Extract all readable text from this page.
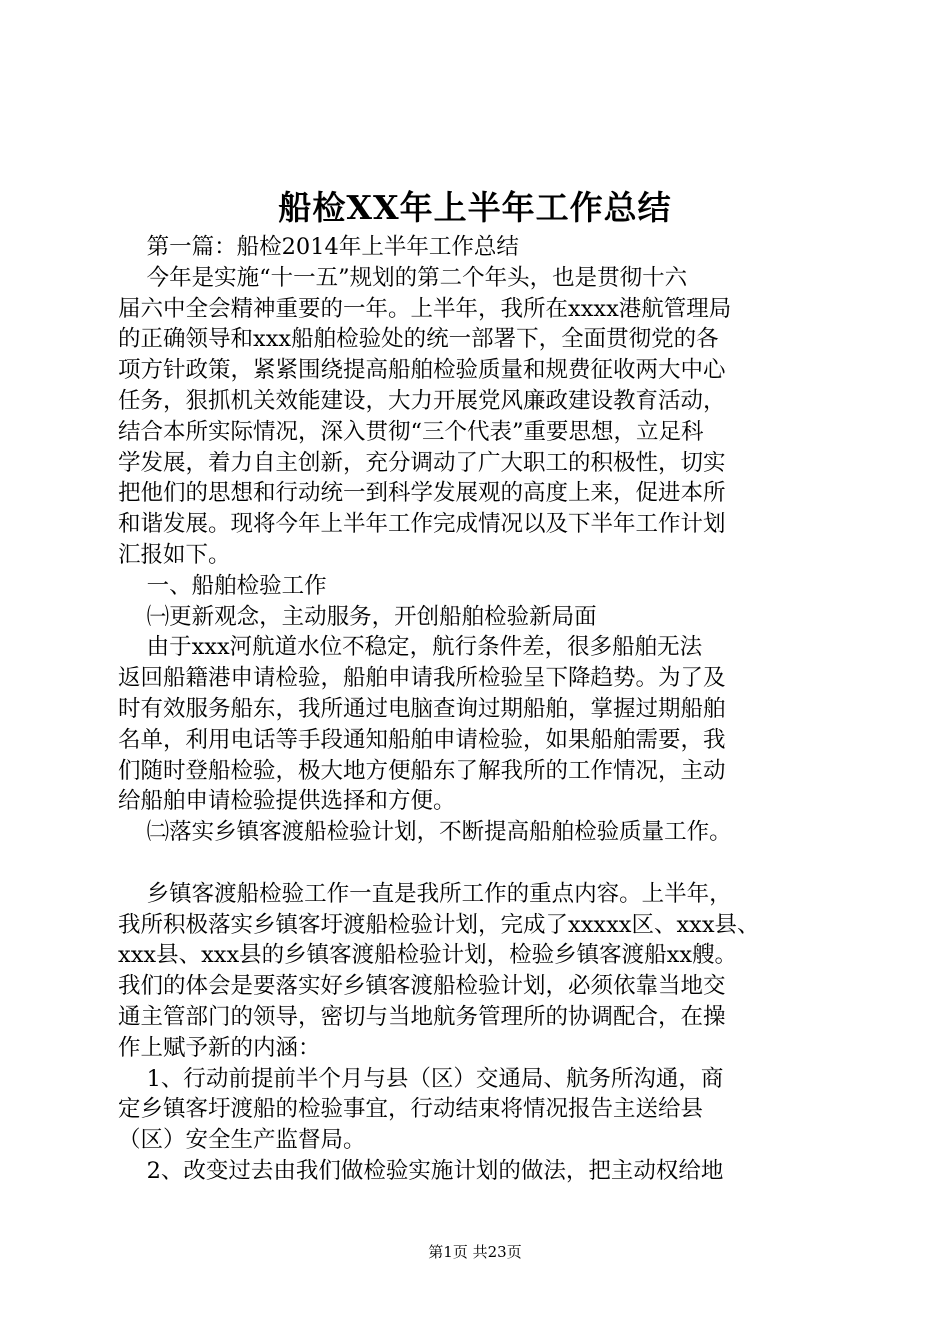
船检XX年上半年工作总结

第一篇：船检2014年上半年工作总结

今年是实施“十一五”规划的第二个年头，也是贯彻十六

届六中全会精神重要的一年。上半年，我所在xxxx港航管理局

的正确领导和xxx船舶检验处的统一部署下，全面贯彻党的各

项方针政策，紧紧围绕提高船舶检验质量和规费征收两大中心

任务，狠抓机关效能建设，大力开展党风廉政建设教育活动，

结合本所实际情况，深入贯彻“三个代表”重要思想，立足科

学发展，着力自主创新，充分调动了广大职工的积极性，切实

把他们的思想和行动统一到科学发展观的高度上来，促进本所

和谐发展。现将今年上半年工作完成情况以及下半年工作计划

汇报如下。

一、船舶检验工作

㈠更新观念，主动服务，开创船舶检验新局面

由于xxx河航道水位不稳定，航行条件差，很多船舶无法

返回船籍港申请检验，船舶申请我所检验呈下降趋势。为了及

时有效服务船东，我所通过电脑查询过期船舶，掌握过期船舶

名单，利用电话等手段通知船舶申请检验，如果船舶需要，我

们随时登船检验，极大地方便船东了解我所的工作情况，主动

给船舶申请检验提供选择和方便。

㈡落实乡镇客渡船检验计划，不断提高船舶检验质量工作。

乡镇客渡船检验工作一直是我所工作的重点内容。上半年，

我所积极落实乡镇客圩渡船检验计划，完成了xxxxx区、xxx县、

xxx县、xxx县的乡镇客渡船检验计划，检验乡镇客渡船xx艘。

我们的体会是要落实好乡镇客渡船检验计划，必须依靠当地交

通主管部门的领导，密切与当地航务管理所的协调配合，在操

作上赋予新的内涵：

1、行动前提前半个月与县（区）交通局、航务所沟通，商

定乡镇客圩渡船的检验事宜，行动结束将情况报告主送给县

（区）安全生产监督局。

2、改变过去由我们做检验实施计划的做法，把主动权给地

第1页 共23页
